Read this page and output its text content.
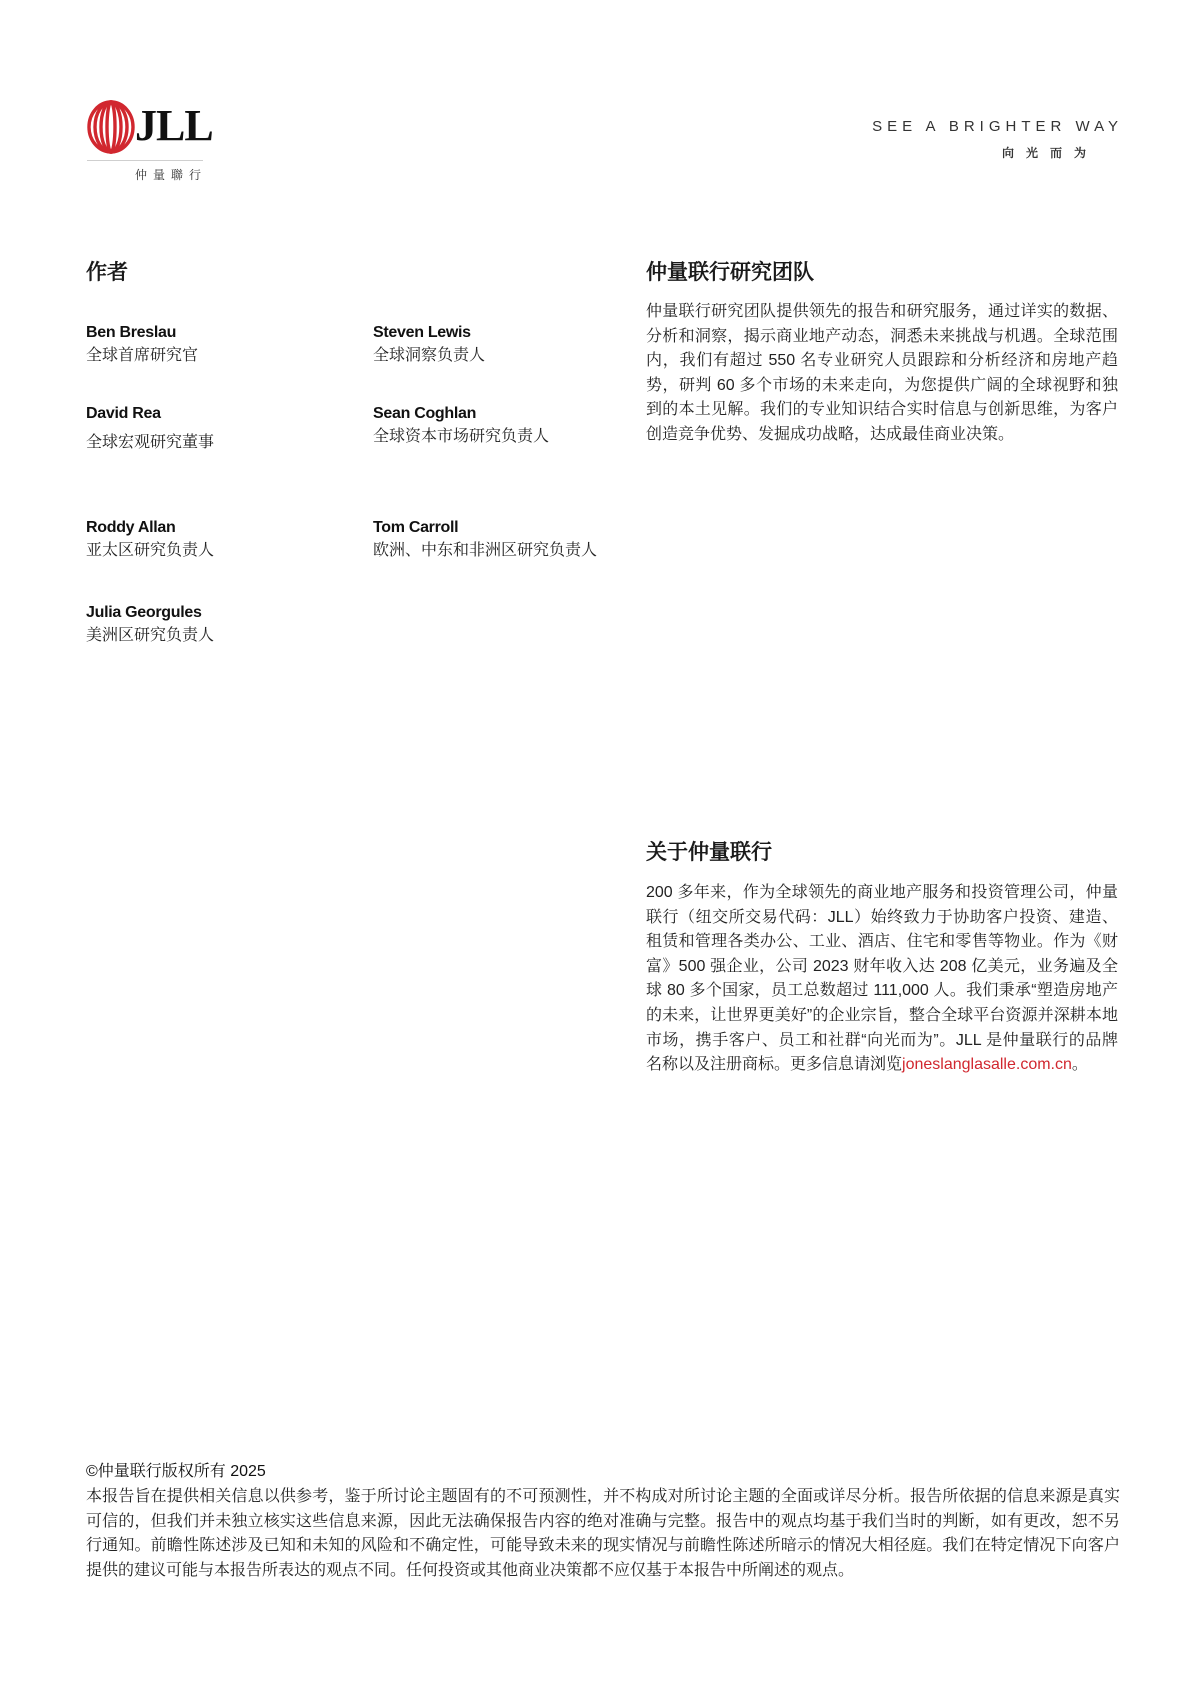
JLL
仲量聯行
SEE A BRIGHTER WAY
向光而为
作者
Ben Breslau
全球首席研究官
Steven Lewis
全球洞察负责人
David Rea
全球宏观研究董事
Sean Coghlan
全球资本市场研究负责人
Roddy Allan
亚太区研究负责人
Tom Carroll
欧洲、中东和非洲区研究负责人
Julia Georgules
美洲区研究负责人
仲量联行研究团队
仲量联行研究团队提供领先的报告和研究服务，通过详实的数据、分析和洞察，揭示商业地产动态，洞悉未来挑战与机遇。全球范围内，我们有超过 550 名专业研究人员跟踪和分析经济和房地产趋势，研判 60 多个市场的未来走向，为您提供广阔的全球视野和独到的本土见解。我们的专业知识结合实时信息与创新思维，为客户创造竞争优势、发掘成功战略，达成最佳商业决策。
关于仲量联行
200 多年来，作为全球领先的商业地产服务和投资管理公司，仲量联行（纽交所交易代码：JLL）始终致力于协助客户投资、建造、租赁和管理各类办公、工业、酒店、住宅和零售等物业。作为《财富》500 强企业，公司 2023 财年收入达 208 亿美元，业务遍及全球 80 多个国家，员工总数超过 111,000 人。我们秉承“塑造房地产的未来，让世界更美好”的企业宗旨，整合全球平台资源并深耕本地市场，携手客户、员工和社群“向光而为”。JLL 是仲量联行的品牌名称以及注册商标。更多信息请浏览joneslanglasalle.com.cn。
©仲量联行版权所有 2025
本报告旨在提供相关信息以供参考，鉴于所讨论主题固有的不可预测性，并不构成对所讨论主题的全面或详尽分析。报告所依据的信息来源是真实可信的，但我们并未独立核实这些信息来源，因此无法确保报告内容的绝对准确与完整。报告中的观点均基于我们当时的判断，如有更改，恕不另行通知。前瞻性陈述涉及已知和未知的风险和不确定性，可能导致未来的现实情况与前瞻性陈述所暗示的情况大相径庭。我们在特定情况下向客户提供的建议可能与本报告所表达的观点不同。任何投资或其他商业决策都不应仅基于本报告中所阐述的观点。
